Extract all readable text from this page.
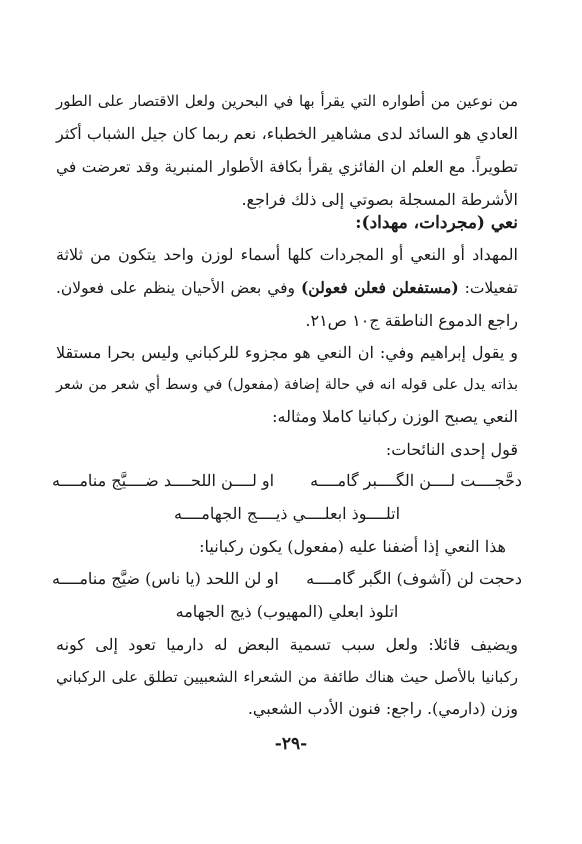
من نوعين من أطواره التي يقرأ بها في البحرين ولعل الاقتصار على الطور
العادي هو السائد لدى مشاهير الخطباء، نعم ربما كان جيل الشباب أكثر
تطويراً. مع العلم ان الفائزي يقرأ بكافة الأطوار المنبرية وقد تعرضت في
الأشرطة المسجلة بصوتي إلى ذلك فراجع.
نعي (مجردات، مهداد):
المهداد أو النعي أو المجردات كلها أسماء لوزن واحد يتكون من ثلاثة
تفعيلات: (مستفعلن فعلن فعولن) وفي بعض الأحيان ينظم على فعولان.
راجع الدموع الناطقة ج١٠ ص٢١.
و يقول إبراهيم وفي: ان النعي هو مجزوء للركباني وليس بحرا مستقلا
بذاته يدل على قوله انه في حالة إضافة (مفعول) في وسط أي شعر من شعر
النعي يصبح الوزن ركبانيا كاملا ومثاله:
قول إحدى النائحات:
دحَّجــــت لــــن الگــــبر گامــــه
او لــــن اللحــــد ضــــيَّج منامــــه
اتلــــوذ ابعلــــي ذيــــج الجهامــــه
هذا النعي إذا أضفنا عليه (مفعول) يكون ركبانيا:
دحجت لن (آشوف) الگبر گامــــه
او لن اللحد (يا ناس) ضيَّج منامــــه
اتلوذ ابعلي (المهيوب) ذيج الجهامه
ويضيف قائلا: ولعل سبب تسمية البعض له دارميا تعود إلى كونه
ركبانيا بالأصل حيث هناك طائفة من الشعراء الشعبيين تطلق على الركباني
وزن (دارمي). راجع: فنون الأدب الشعبي.
-٢٩-
